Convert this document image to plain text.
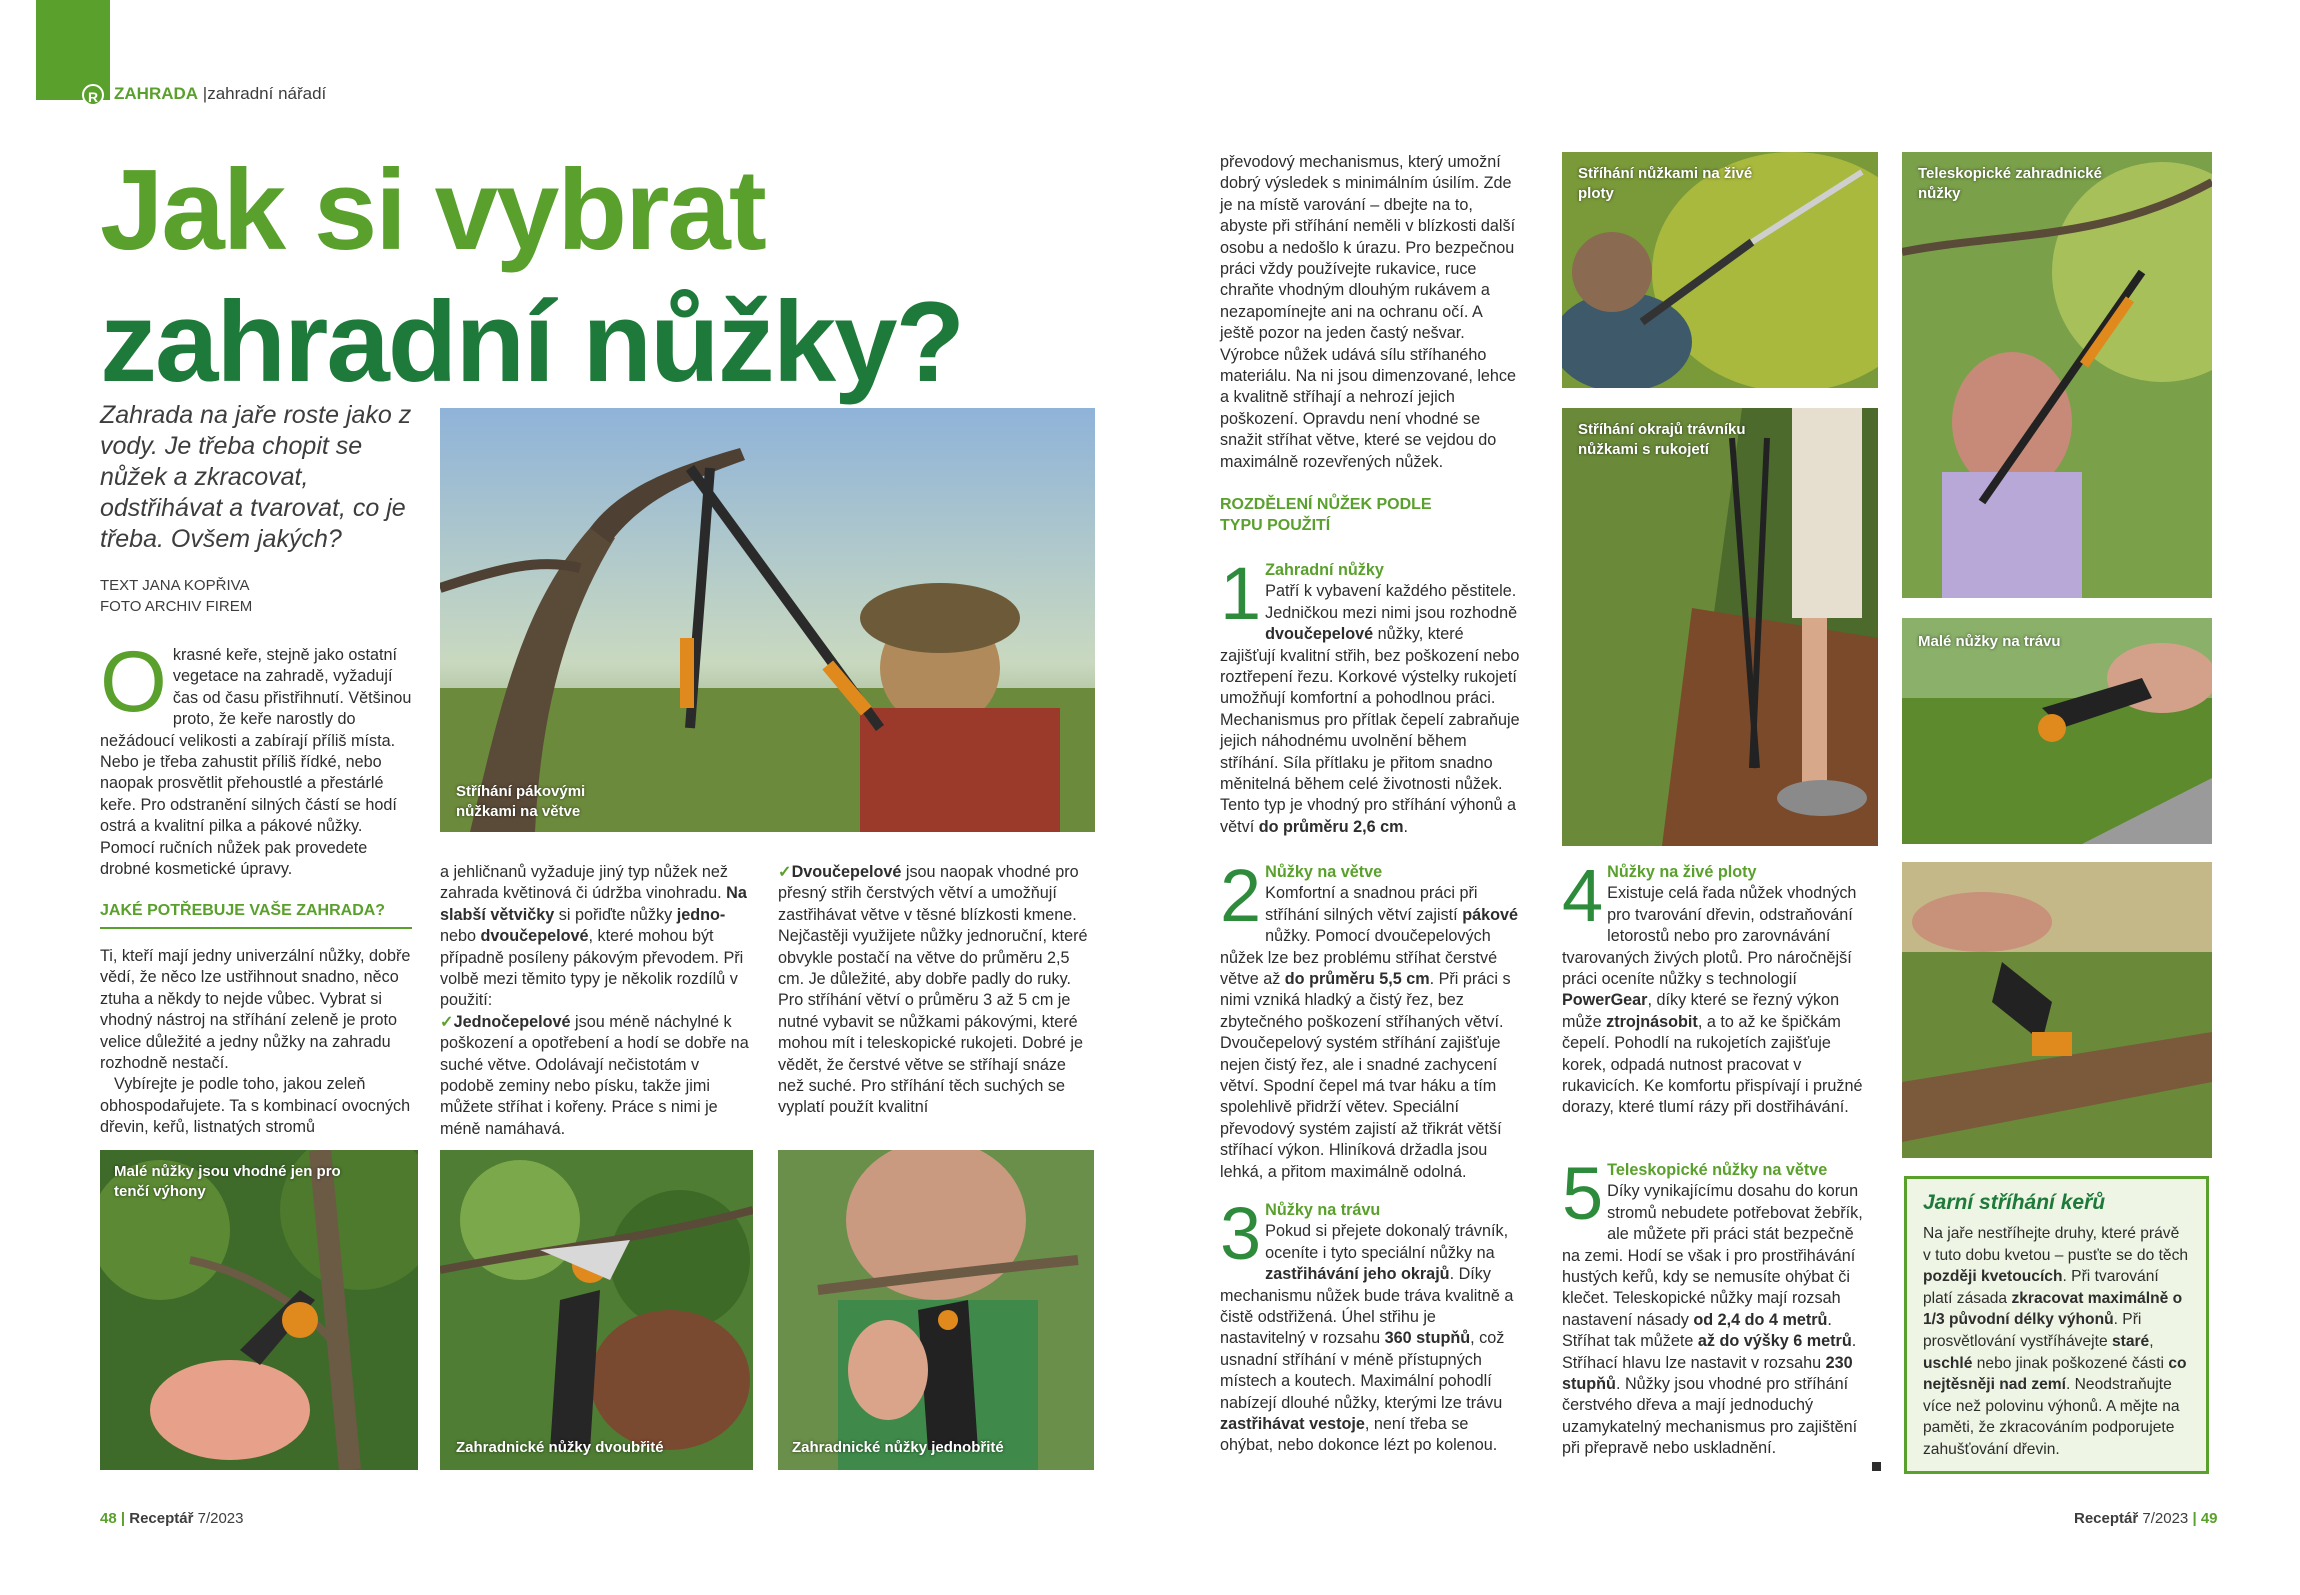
R ZAHRADA |zahradní nářadí
Jak si vybrat
zahradní nůžky?
Zahrada na jaře roste jako z vody. Je třeba chopit se nůžek a zkracovat, odstřihávat a tvarovat, co je třeba. Ovšem jakých?
TEXT JANA KOPŘIVA
FOTO ARCHIV FIREM
Okrasné keře, stejně jako ostatní vegetace na zahradě, vyžadují čas od času přistřihnutí. Většinou proto, že keře narostly do nežádoucí velikosti a zabírají příliš místa. Nebo je třeba zahustit příliš řídké, nebo naopak prosvětlit přehoustlé a přestárlé keře. Pro odstranění silných částí se hodí ostrá a kvalitní pilka a pákové nůžky. Pomocí ručních nůžek pak provedete drobné kosmetické úpravy.
JAKÉ POTŘEBUJE VAŠE ZAHRADA?
Ti, kteří mají jedny univerzální nůžky, dobře vědí, že něco lze ustřihnout snadno, něco ztuha a někdy to nejde vůbec. Vybrat si vhodný nástroj na stříhání zeleně je proto velice důležité a jedny nůžky na zahradu rozhodně nestačí.
Vybírejte je podle toho, jakou zeleň obhospodařujete. Ta s kombinací ovocných dřevin, keřů, listnatých stromů
Stříhání pákovými nůžkami na větve
a jehličnanů vyžaduje jiný typ nůžek než zahrada květinová či údržba vinohradu. Na slabší větvičky si pořiďte nůžky jedno- nebo dvoučepelové, které mohou být případně posíleny pákovým převodem. Při volbě mezi těmito typy je několik rozdílů v použití:
✓Jednočepelové jsou méně náchylné k poškození a opotřebení a hodí se dobře na suché větve. Odolávají nečistotám v podobě zeminy nebo písku, takže jimi můžete stříhat i kořeny. Práce s nimi je méně namáhavá.
✓Dvoučepelové jsou naopak vhodné pro přesný střih čerstvých větví a umožňují zastřihávat větve v těsné blízkosti kmene. Nejčastěji využijete nůžky jednoruční, které obvykle postačí na větve do průměru 2,5 cm. Je důležité, aby dobře padly do ruky. Pro stříhání větví o průměru 3 až 5 cm je nutné vybavit se nůžkami pákovými, které mohou mít i teleskopické rukojeti. Dobré je vědět, že čerstvé větve se stříhají snáze než suché. Pro stříhání těch suchých se vyplatí použít kvalitní
Malé nůžky jsou vhodné jen pro tenčí výhony
Zahradnické nůžky dvoubřité	Zahradnické nůžky jednobřité
převodový mechanismus, který umožní dobrý výsledek s minimálním úsilím. Zde je na místě varování – dbejte na to, abyste při stříhání neměli v blízkosti další osobu a nedošlo k úrazu. Pro bezpečnou práci vždy používejte rukavice, ruce chraňte vhodným dlouhým rukávem a nezapomínejte ani na ochranu očí. A ještě pozor na jeden častý nešvar. Výrobce nůžek udává sílu stříhaného materiálu. Na ni jsou dimenzované, lehce a kvalitně stříhají a nehrozí jejich poškození. Opravdu není vhodné se snažit stříhat větve, které se vejdou do maximálně rozevřených nůžek.
ROZDĚLENÍ NŮŽEK PODLE TYPU POUŽITÍ
1 Zahradní nůžky
Patří k vybavení každého pěstitele. Jedničkou mezi nimi jsou rozhodně dvoučepelové nůžky, které zajišťují kvalitní střih, bez poškození nebo roztřepení řezu. Korkové výstelky rukojetí umožňují komfortní a pohodlnou práci. Mechanismus pro přítlak čepelí zabraňuje jejich náhodnému uvolnění během stříhání. Síla přítlaku je přitom snadno měnitelná během celé životnosti nůžek. Tento typ je vhodný pro stříhání výhonů a větví do průměru 2,6 cm.
2 Nůžky na větve
Komfortní a snadnou práci při stříhání silných větví zajistí pákové nůžky. Pomocí dvoučepelových nůžek lze bez problému stříhat čerstvé větve až do průměru 5,5 cm. Při práci s nimi vzniká hladký a čistý řez, bez zbytečného poškození stříhaných větví. Dvoučepelový systém stříhání zajišťuje nejen čistý řez, ale i snadné zachycení větví. Spodní čepel má tvar háku a tím spolehlivě přidrží větev. Speciální převodový systém zajistí až třikrát větší stříhací výkon. Hliníková držadla jsou lehká, a přitom maximálně odolná.
3 Nůžky na trávu
Pokud si přejete dokonalý trávník, oceníte i tyto speciální nůžky na zastřihávání jeho okrajů. Díky mechanismu nůžek bude tráva kvalitně a čistě odstřižená. Úhel střihu je nastavitelný v rozsahu 360 stupňů, což usnadní stříhání v méně přístupných místech a koutech. Maximální pohodlí nabízejí dlouhé nůžky, kterými lze trávu zastřihávat vestoje, není třeba se ohýbat, nebo dokonce lézt po kolenou.
4 Nůžky na živé ploty
Existuje celá řada nůžek vhodných pro tvarování dřevin, odstraňování letorostů nebo pro zarovnávání tvarovaných živých plotů. Pro náročnější práci oceníte nůžky s technologií PowerGear, díky které se řezný výkon může ztrojnásobit, a to až ke špičkám čepelí. Pohodlí na rukojetích zajišťuje korek, odpadá nutnost pracovat v rukavicích. Ke komfortu přispívají i pružné dorazy, které tlumí rázy při dostřihávání.
5 Teleskopické nůžky na větve
Díky vynikajícímu dosahu do korun stromů nebudete potřebovat žebřík, ale můžete při práci stát bezpečně na zemi. Hodí se však i pro prostřihávání hustých keřů, kdy se nemusíte ohýbat či klečet. Teleskopické nůžky mají rozsah nastavení násady od 2,4 do 4 metrů. Stříhat tak můžete až do výšky 6 metrů. Stříhací hlavu lze nastavit v rozsahu 230 stupňů. Nůžky jsou vhodné pro stříhání čerstvého dřeva a mají jednoduchý uzamykatelný mechanismus pro zajištění při přepravě nebo uskladnění.
Stříhání nůžkami na živé ploty
Stříhání okrajů trávníku nůžkami s rukojetí
Teleskopické zahradnické nůžky
Malé nůžky na trávu
Jarní stříhání keřů
Na jaře nestříhejte druhy, které právě v tuto dobu kvetou – pusťte se do těch později kvetoucích. Při tvarování platí zásada zkracovat maximálně o 1/3 původní délky výhonů. Při prosvětlování vystříhávejte staré, uschlé nebo jinak poškozené části co nejtěsněji nad zemí. Neodstraňujte více než polovinu výhonů. A mějte na paměti, že zkracováním podporujete zahušťování dřevin.
48 | Receptář 7/2023	Receptář 7/2023 | 49
